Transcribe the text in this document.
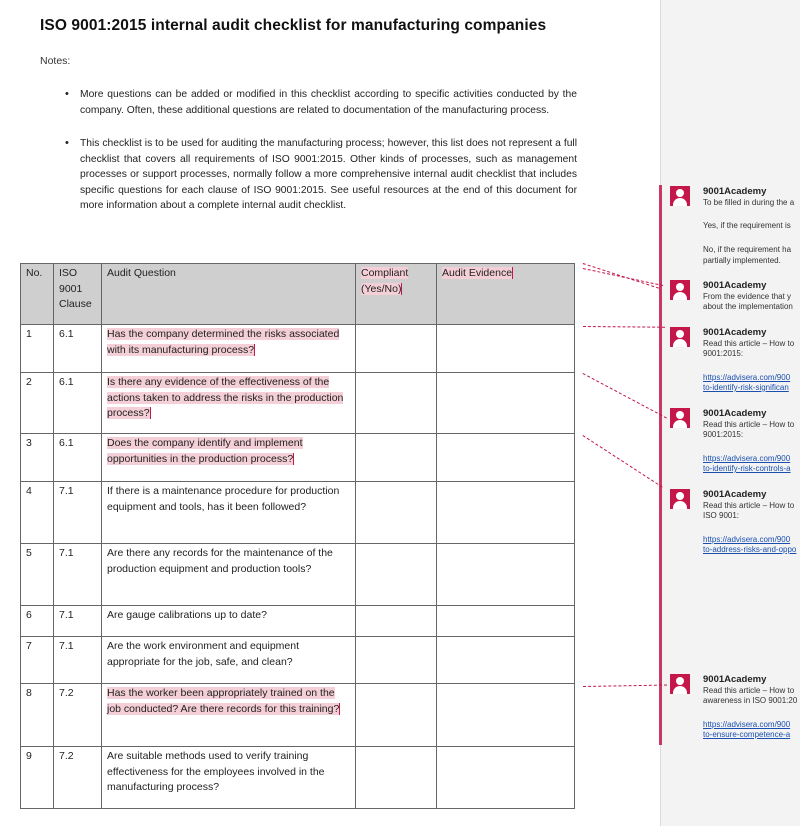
ISO 9001:2015 internal audit checklist for manufacturing companies
Notes:
• More questions can be added or modified in this checklist according to specific activities conducted by the company. Often, these additional questions are related to documentation of the manufacturing process.
• This checklist is to be used for auditing the manufacturing process; however, this list does not represent a full checklist that covers all requirements of ISO 9001:2015. Other kinds of processes, such as management processes or support processes, normally follow a more comprehensive internal audit checklist that includes specific questions for each clause of ISO 9001:2015. See useful resources at the end of this document for more information about a complete internal audit checklist.
No.	ISO 9001 Clause	Audit Question	Compliant (Yes/No)	Audit Evidence
1	6.1	Has the company determined the risks associated with its manufacturing process?		
2	6.1	Is there any evidence of the effectiveness of the actions taken to address the risks in the production process?		
3	6.1	Does the company identify and implement opportunities in the production process?		
4	7.1	If there is a maintenance procedure for production equipment and tools, has it been followed?		
5	7.1	Are there any records for the maintenance of the production equipment and production tools?		
6	7.1	Are gauge calibrations up to date?		
7	7.1	Are the work environment and equipment appropriate for the job, safe, and clean?		
8	7.2	Has the worker been appropriately trained on the job conducted? Are there records for this training?		
9	7.2	Are suitable methods used to verify training effectiveness for the employees involved in the manufacturing process?		
9001Academy
To be filled in during the a
Yes, if the requirement is
No, if the requirement ha
partially implemented.
9001Academy
From the evidence that y
about the implementation
9001Academy
Read this article – How to
9001:2015:
https://advisera.com/900
to-identify-risk-significan
9001Academy
Read this article – How to
9001:2015:
https://advisera.com/900
to-identify-risk-controls-a
9001Academy
Read this article – How to
ISO 9001:
https://advisera.com/900
to-address-risks-and-oppo
9001Academy
Read this article – How to
awareness in ISO 9001:20
https://advisera.com/900
to-ensure-competence-a
